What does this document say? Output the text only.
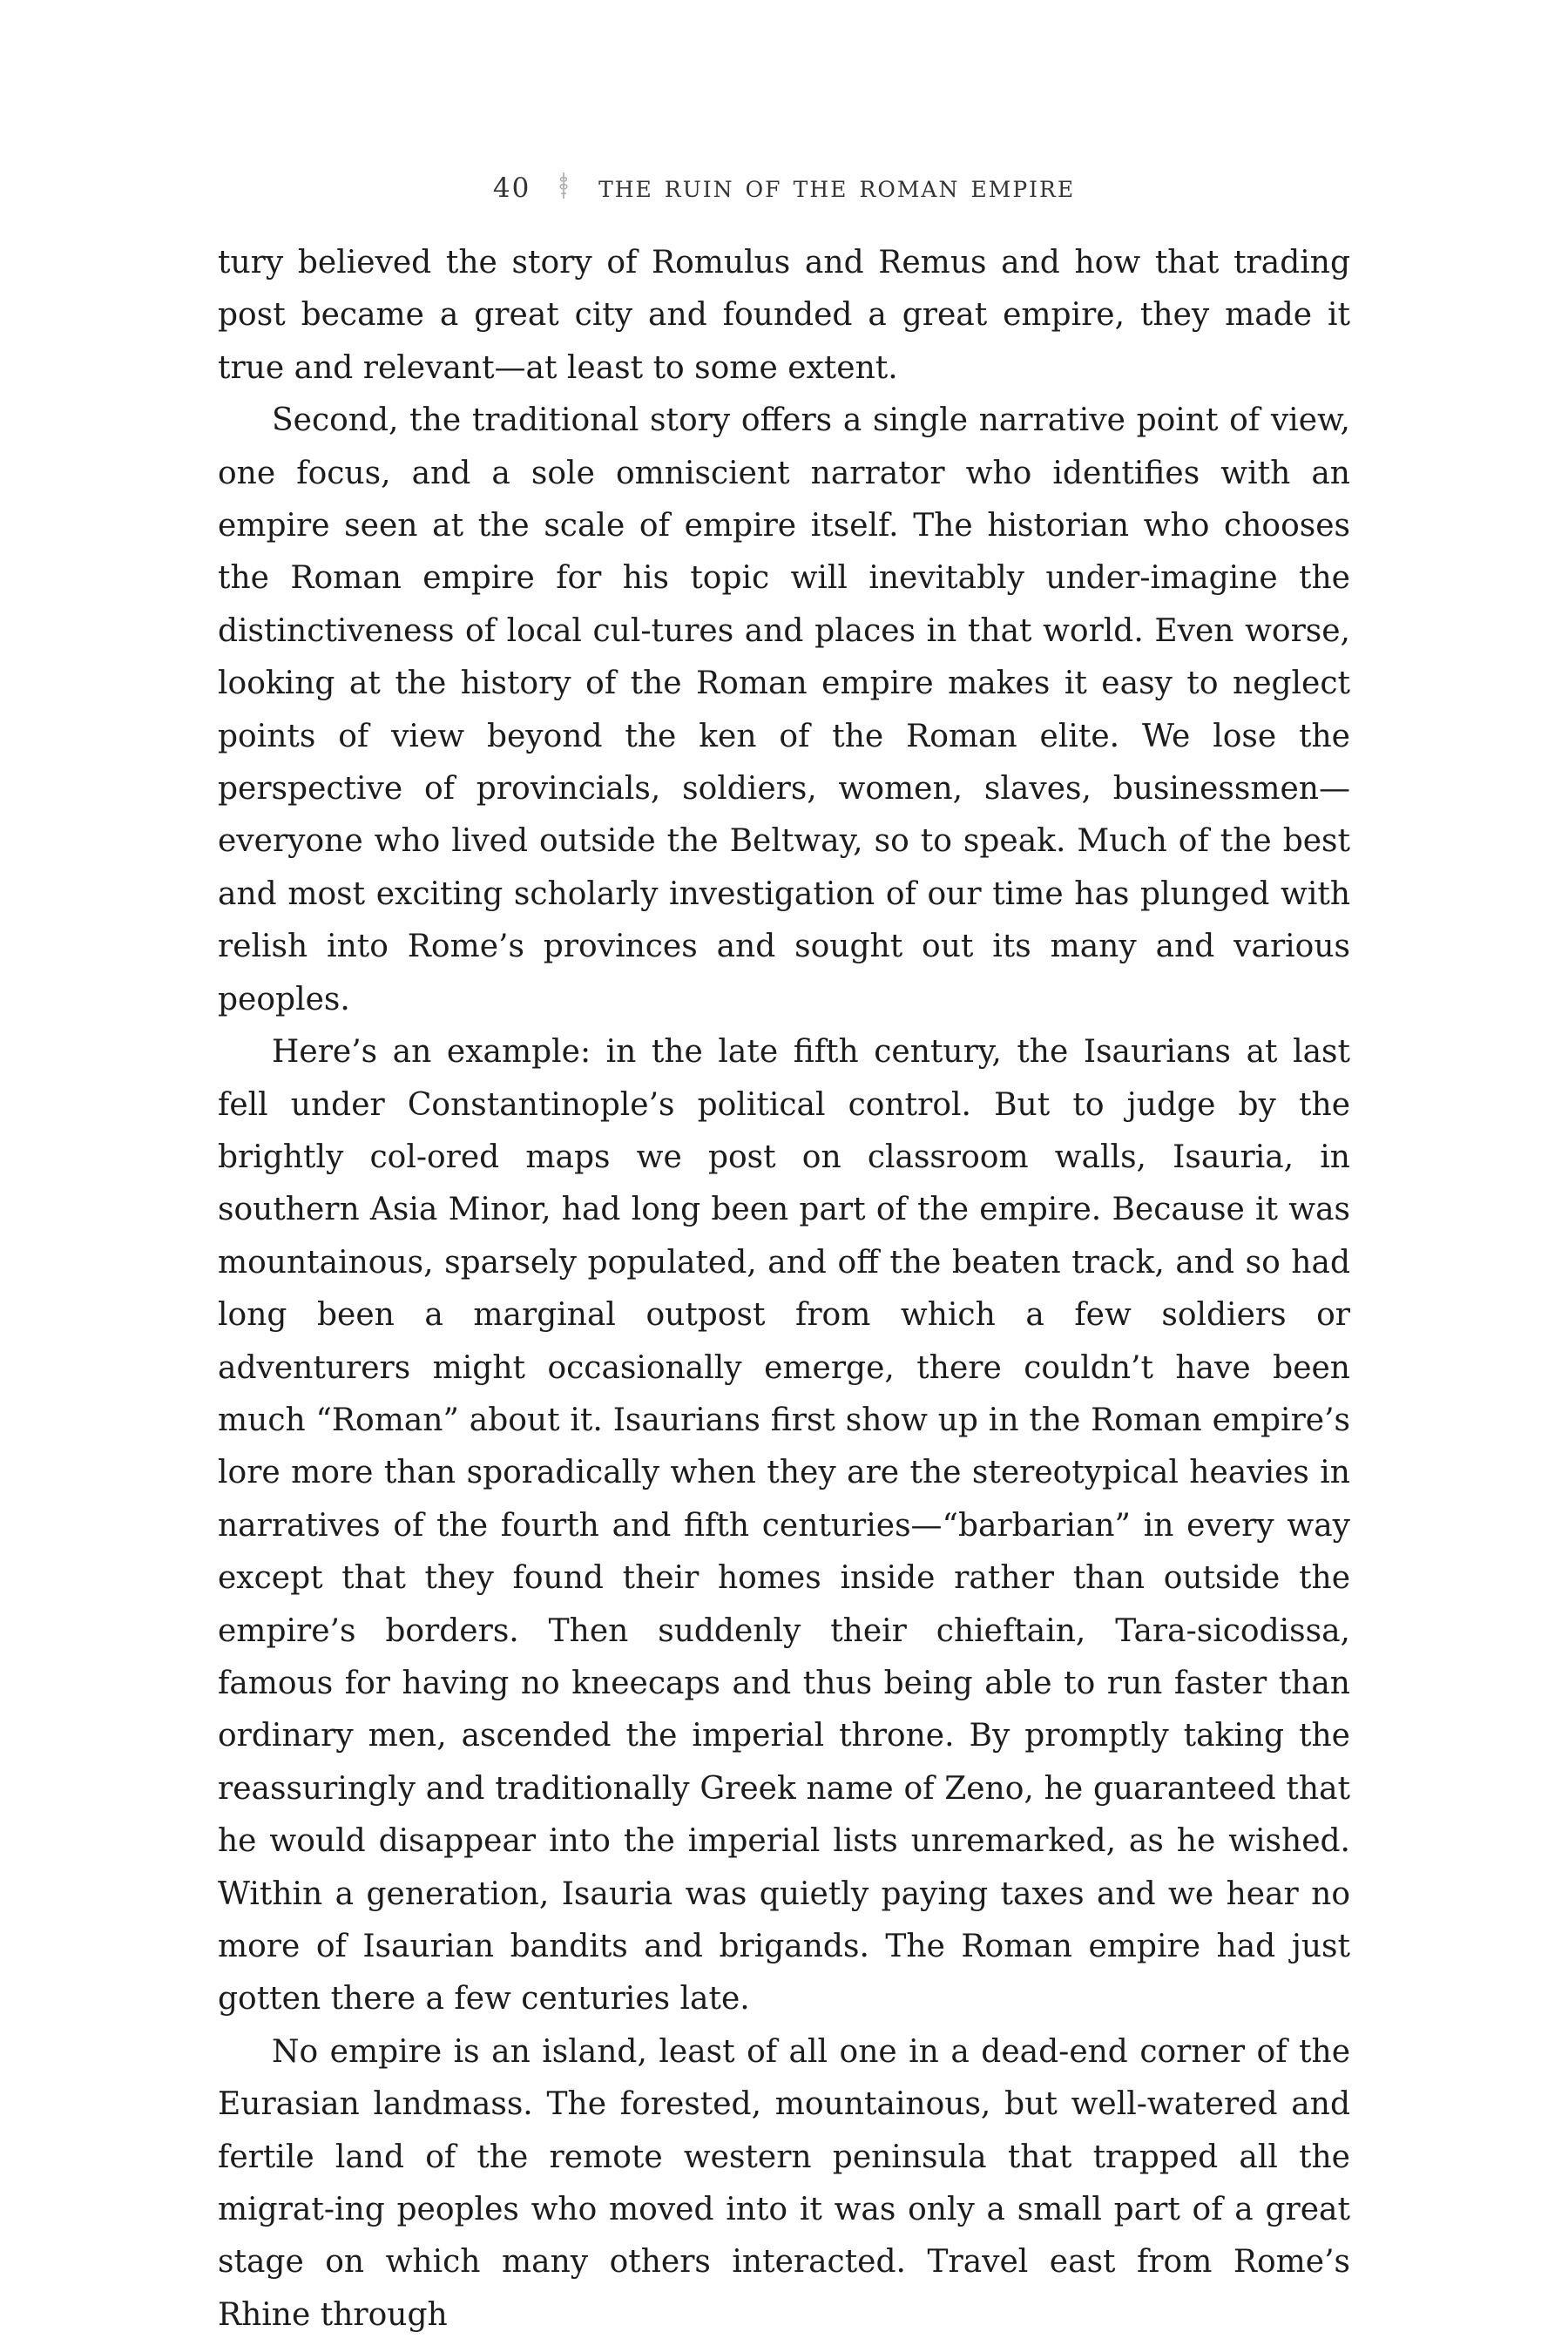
40 the ruin of the roman empire

tury believed the story of Romulus and Remus and how that trading post became a great city and founded a great empire, they made it true and relevant—at least to some extent.

Second, the traditional story offers a single narrative point of view, one focus, and a sole omniscient narrator who identifies with an empire seen at the scale of empire itself. The historian who chooses the Roman empire for his topic will inevitably under-imagine the distinctiveness of local cul-tures and places in that world. Even worse, looking at the history of the Roman empire makes it easy to neglect points of view beyond the ken of the Roman elite. We lose the perspective of provincials, soldiers, women, slaves, businessmen—everyone who lived outside the Beltway, so to speak. Much of the best and most exciting scholarly investigation of our time has plunged with relish into Rome’s provinces and sought out its many and various peoples.

Here’s an example: in the late fifth century, the Isaurians at last fell under Constantinople’s political control. But to judge by the brightly col-ored maps we post on classroom walls, Isauria, in southern Asia Minor, had long been part of the empire. Because it was mountainous, sparsely populated, and off the beaten track, and so had long been a marginal outpost from which a few soldiers or adventurers might occasionally emerge, there couldn’t have been much “Roman” about it. Isaurians first show up in the Roman empire’s lore more than sporadically when they are the stereotypical heavies in narratives of the fourth and fifth centuries—“barbarian” in every way except that they found their homes inside rather than outside the empire’s borders. Then suddenly their chieftain, Tara-sicodissa, famous for having no kneecaps and thus being able to run faster than ordinary men, ascended the imperial throne. By promptly taking the reassuringly and traditionally Greek name of Zeno, he guaranteed that he would disappear into the imperial lists unremarked, as he wished. Within a generation, Isauria was quietly paying taxes and we hear no more of Isaurian bandits and brigands. The Roman empire had just gotten there a few centuries late.

No empire is an island, least of all one in a dead-end corner of the Eurasian landmass. The forested, mountainous, but well-watered and fertile land of the remote western peninsula that trapped all the migrat-ing peoples who moved into it was only a small part of a great stage on which many others interacted. Travel east from Rome’s Rhine through
